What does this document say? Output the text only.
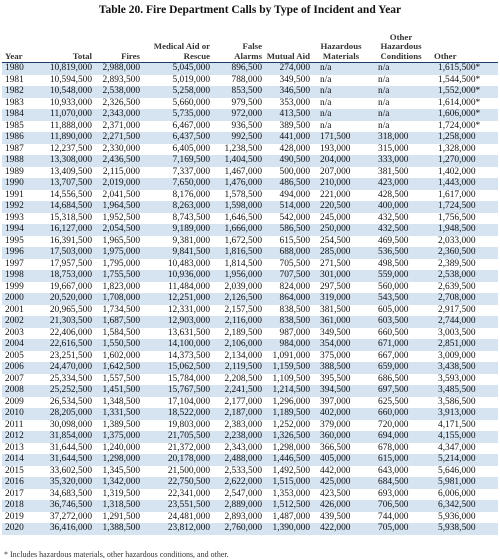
Table 20. Fire Department Calls by Type of Incident and Year
Year	Total	Fires	Medical Aid or Rescue	False Alarms	Mutual Aid	Hazardous Materials	Other Hazardous Conditions	Other
1980	10,819,000	2,988,000	5,045,000	896,500	274,000	n/a	n/a	1,615,500*
1981	10,594,500	2,893,500	5,019,000	788,000	349,500	n/a	n/a	1,544,500*
1982	10,548,000	2,538,000	5,258,000	853,500	346,500	n/a	n/a	1,552,000*
1983	10,933,000	2,326,500	5,660,000	979,500	353,000	n/a	n/a	1,614,000*
1984	11,070,000	2,343,000	5,735,000	972,000	413,500	n/a	n/a	1,606,000*
1985	11,888,000	2,371,000	6,467,000	936,500	389,500	n/a	n/a	1,724,000*
1986	11,890,000	2,271,500	6,437,500	992,500	441,000	171,500	318,000	1,258,000
1987	12,237,500	2,330,000	6,405,000	1,238,500	428,000	193,000	315,000	1,328,000
1988	13,308,000	2,436,500	7,169,500	1,404,500	490,500	204,000	333,000	1,270,000
1989	13,409,500	2,115,000	7,337,000	1,467,000	500,000	207,000	381,500	1,402,000
1990	13,707,500	2,019,000	7,650,000	1,476,000	486,500	210,000	423,000	1,443,000
1991	14,556,500	2,041,500	8,176,000	1,578,500	494,000	221,000	428,500	1,617,000
1992	14,684,500	1,964,500	8,263,000	1,598,000	514,000	220,500	400,000	1,724,500
1993	15,318,500	1,952,500	8,743,500	1,646,500	542,000	245,000	432,500	1,756,500
1994	16,127,000	2,054,500	9,189,000	1,666,000	586,500	250,000	432,500	1,948,500
1995	16,391,500	1,965,500	9,381,000	1,672,500	615,500	254,500	469,500	2,033,000
1996	17,503,000	1,975,000	9,841,500	1,816,500	688,000	285,000	536,500	2,360,500
1997	17,957,500	1,795,000	10,483,000	1,814,500	705,500	271,500	498,500	2,389,500
1998	18,753,000	1,755,500	10,936,000	1,956,000	707,500	301,000	559,000	2,538,000
1999	19,667,000	1,823,000	11,484,000	2,039,000	824,000	297,500	560,000	2,639,500
2000	20,520,000	1,708,000	12,251,000	2,126,500	864,000	319,000	543,500	2,708,000
2001	20,965,500	1,734,500	12,331,000	2,157,500	838,500	381,500	605,000	2,917,500
2002	21,303,500	1,687,500	12,903,000	2,116,000	838,500	361,000	603,500	2,744,000
2003	22,406,000	1,584,500	13,631,500	2,189,500	987,000	349,500	660,500	3,003,500
2004	22,616,500	1,550,500	14,100,000	2,106,000	984,000	354,000	671,000	2,851,000
2005	23,251,500	1,602,000	14,373,500	2,134,000	1,091,000	375,000	667,000	3,009,000
2006	24,470,000	1,642,500	15,062,500	2,119,500	1,159,500	388,500	659,000	3,438,500
2007	25,334,500	1,557,500	15,784,000	2,208,500	1,109,500	395,500	686,500	3,593,000
2008	25,252,500	1,451,500	15,767,500	2,241,500	1,214,500	394,500	697,500	3,485,500
2009	26,534,500	1,348,500	17,104,000	2,177,000	1,296,000	397,000	625,500	3,586,500
2010	28,205,000	1,331,500	18,522,000	2,187,000	1,189,500	402,000	660,000	3,913,000
2011	30,098,000	1,389,500	19,803,000	2,383,000	1,252,000	379,000	720,000	4,171,500
2012	31,854,000	1,375,000	21,705,500	2,238,000	1,326,500	360,000	694,000	4,155,000
2013	31,644,500	1,240,000	21,372,000	2,343,000	1,298,000	366,500	678,000	4,347,000
2014	31,644,500	1,298,000	20,178,000	2,488,000	1,446,500	405,000	615,000	5,214,000
2015	33,602,500	1,345,500	21,500,000	2,533,500	1,492,500	442,000	643,000	5,646,000
2016	35,320,000	1,342,000	22,750,500	2,622,000	1,515,000	425,000	684,500	5,981,000
2017	34,683,500	1,319,500	22,341,000	2,547,000	1,353,000	423,500	693,000	6,006,000
2018	36,746,500	1,318,500	23,551,500	2,889,000	1,512,500	426,000	706,500	6,342,500
2019	37,272,000	1,291,500	24,481,000	2,893,000	1,487,000	439,500	744,000	5,936,000
2020	36,416,000	1,388,500	23,812,000	2,760,000	1,390,000	422,000	705,000	5,938,500
* Includes hazardous materials, other hazardous conditions, and other.
